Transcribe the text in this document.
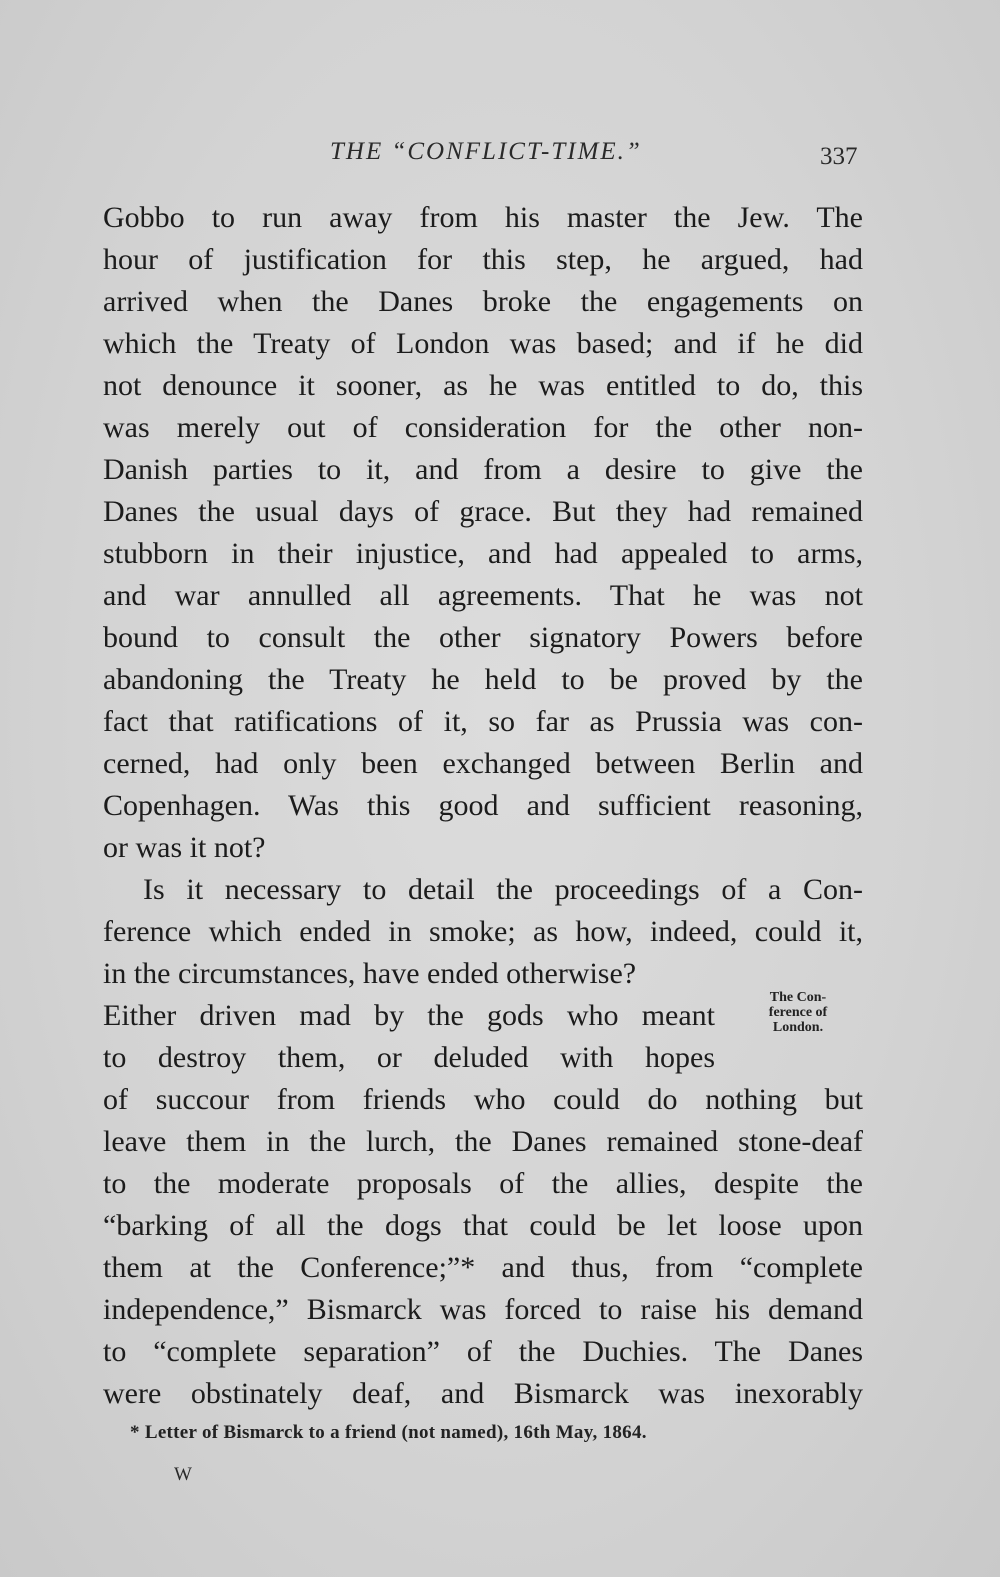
THE “CONFLICT-TIME.”	337
Gobbo to run away from his master the Jew. The
hour of justification for this step, he argued, had
arrived when the Danes broke the engagements on
which the Treaty of London was based; and if he did
not denounce it sooner, as he was entitled to do, this
was merely out of consideration for the other non-
Danish parties to it, and from a desire to give the
Danes the usual days of grace. But they had remained
stubborn in their injustice, and had appealed to arms,
and war annulled all agreements. That he was not
bound to consult the other signatory Powers before
abandoning the Treaty he held to be proved by the
fact that ratifications of it, so far as Prussia was con-
cerned, had only been exchanged between Berlin and
Copenhagen. Was this good and sufficient reasoning,
or was it not?
Is it necessary to detail the proceedings of a Con-
ference which ended in smoke; as how, indeed, could it,
in the circumstances, have ended otherwise?
Either driven mad by the gods who meant
to destroy them, or deluded with hopes
of succour from friends who could do nothing but
leave them in the lurch, the Danes remained stone-deaf
to the moderate proposals of the allies, despite the
“barking of all the dogs that could be let loose upon
them at the Conference;”* and thus, from “complete
independence,” Bismarck was forced to raise his demand
to “complete separation” of the Duchies. The Danes
were obstinately deaf, and Bismarck was inexorably
The Con-
ference of
London.
* Letter of Bismarck to a friend (not named), 16th May, 1864.
W
